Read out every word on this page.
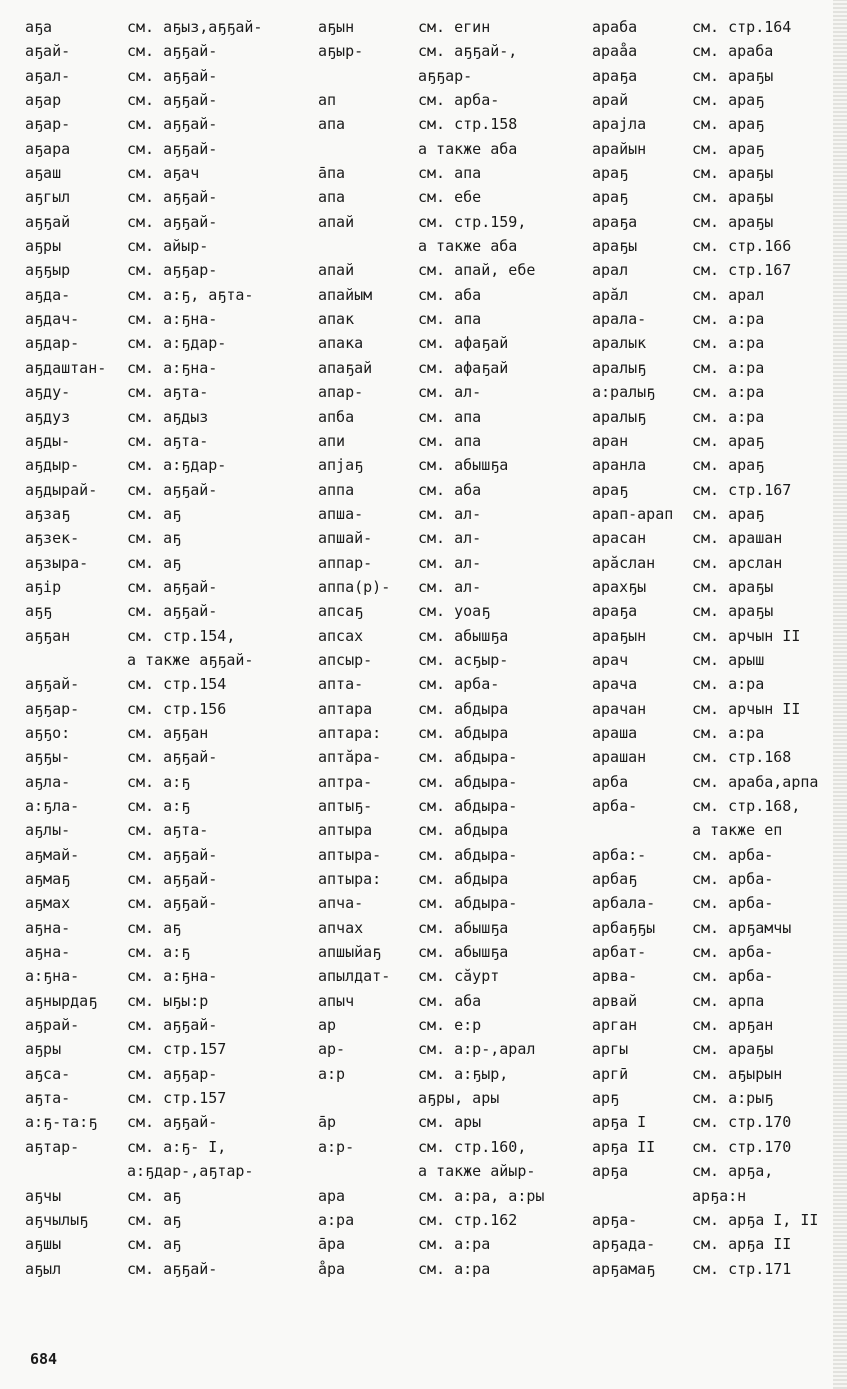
аҕа	см. аҕыз,аҕҕай-
аҕай-	см. аҕҕай-
аҕал-	см. аҕҕай-
аҕар	см. аҕҕай-
аҕар-	см. аҕҕай-
аҕара	см. аҕҕай-
аҕаш	см. аҕач
аҕгыл	см. аҕҕай-
аҕҕай	см. аҕҕай-
аҕры	см. айыр-
аҕҕыр	см. аҕҕар-
аҕда-	см. а:ҕ, аҕта-
аҕдач-	см. а:ҕна-
аҕдар-	см. а:ҕдар-
аҕдаштан-	см. а:ҕна-
аҕду-	см. аҕта-
аҕдуз	см. аҕдыз
аҕды-	см. аҕта-
аҕдыр-	см. а:ҕдар-
аҕдырай-	см. аҕҕай-
аҕзаҕ	см. аҕ
аҕзек-	см. аҕ
аҕзыра-	см. аҕ
аҕір	см. аҕҕай-
аҕҕ	см. аҕҕай-
аҕҕан	см. стр.154,
а также аҕҕай-
аҕҕай-	см. стр.154
аҕҕар-	см. стр.156
аҕҕо:	см. аҕҕан
аҕҕы-	см. аҕҕай-
аҕла-	см. а:ҕ
а:ҕла-	см. а:ҕ
аҕлы-	см. аҕта-
аҕмай-	см. аҕҕай-
аҕмаҕ	см. аҕҕай-
аҕмах	см. аҕҕай-
аҕна-	см. аҕ
аҕна-	см. а:ҕ
а:ҕна-	см. а:ҕна-
аҕнырдаҕ	см. ыҕы:р
аҕрай-	см. аҕҕай-
аҕры	см. стр.157
аҕса-	см. аҕҕар-
аҕта-	см. стр.157
а:ҕ-та:ҕ	см. аҕҕай-
аҕтар-	см. а:ҕ- I,
а:ҕдар-,аҕтар-
аҕчы	см. аҕ
аҕчылыҕ	см. аҕ
аҕшы	см. аҕ
аҕыл	см. аҕҕай-
аҕын	см. егин
аҕыр-	см. аҕҕай-,
аҕҕар-
ап	см. арба-
апа	см. стр.158
а также аба
а̄па	см. апа
апа	см. ебе
апай	см. стр.159,
а также аба
апай	см. апай, ебе
апайым	см. аба
апак	см. апа
апака	см. афаҕай
апаҕай	см. афаҕай
апар-	см. ал-
апба	см. апа
апи	см. апа
апјаҕ	см. абышҕа
аппа	см. аба
апша-	см. ал-
апшай-	см. ал-
аппар-	см. ал-
аппа(р)-	см. ал-
апсаҕ	см. уоаҕ
апсах	см. абышҕа
апсыр-	см. асҕыр-
апта-	см. арба-
аптара	см. абдыра
аптара:	см. абдыра
аптӑра-	см. абдыра-
аптра-	см. абдыра-
аптыҕ-	см. абдыра-
аптыра	см. абдыра
аптыра-	см. абдыра-
аптыра:	см. абдыра
апча-	см. абдыра-
апчах	см. абышҕа
апшыйаҕ	см. абышҕа
апылдат-	см. сӑурт
апыч	см. аба
ар	см. е:р
ар-	см. а:р-,арал
а:р	см. а:ҕыр,
аҕры, ары
а̄р	см. ары
а:р-	см. стр.160,
а также айыр-
ара	см. а:ра, а:ры
а:ра	см. стр.162
а̄ра	см. а:ра
а̊ра	см. а:ра
араба	см. стр.164
араа̊а	см. араба
араҕа	см. араҕы
арай	см. араҕ
арајла	см. араҕ
арайын	см. араҕ
араҕ	см. араҕы
араҕ	см. араҕы
араҕа	см. араҕы
араҕы	см. стр.166
арал	см. стр.167
арӑл	см. арал
арала-	см. а:ра
аралык	см. а:ра
аралыҕ	см. а:ра
а:ралыҕ	см. а:ра
аралыҕ	см. а:ра
аран	см. араҕ
аранла	см. араҕ
араҕ	см. стр.167
арап-арап	см. араҕ
арасан	см. арашан
арӑслан	см. арслан
арахҕы	см. араҕы
араҕа	см. араҕы
араҕын	см. арчын II
арач	см. арыш
арача	см. а:ра
арачан	см. арчын II
араша	см. а:ра
арашан	см. стр.168
арба	см. араба,арпа
арба-	см. стр.168,
а также еп
арба:-	см. арба-
арбаҕ	см. арба-
арбала-	см. арба-
арбаҕҕы	см. арҕамчы
арбат-	см. арба-
арва-	см. арба-
арвай	см. арпа
арган	см. арҕан
аргы	см. араҕы
аргӣ	см. аҕырын
арҕ	см. а:рыҕ
арҕа I	см. стр.170
арҕа II	см. стр.170
арҕа	см. арҕа,
арҕа:н
арҕа-	см. арҕа I, II
арҕада-	см. арҕа II
арҕамаҕ	см. стр.171
684
